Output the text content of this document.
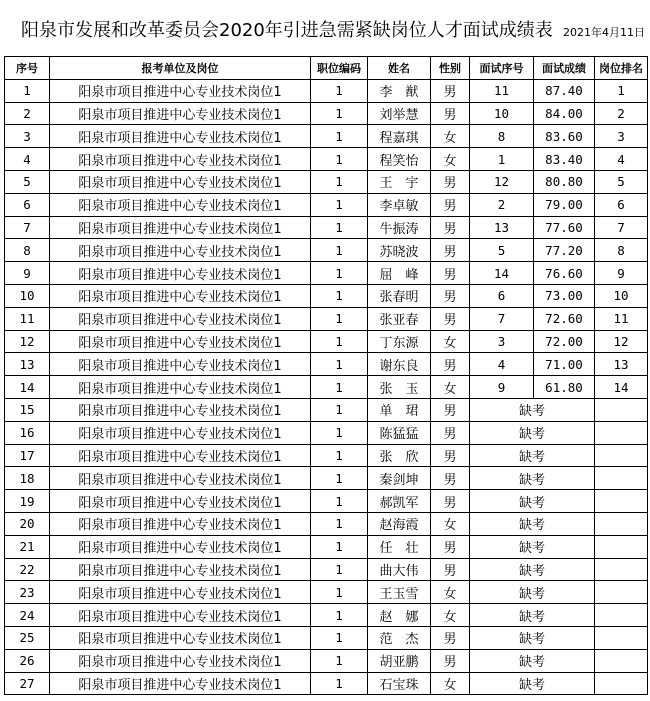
阳泉市发展和改革委员会2020年引进急需紧缺岗位人才面试成绩表 2021年4月11日
序号	报考单位及岗位	职位编码	姓名	性别	面试序号	面试成绩	岗位排名
1	阳泉市项目推进中心专业技术岗位1	1	李　猷	男	11	87.40	1
2	阳泉市项目推进中心专业技术岗位1	1	刘举慧	男	10	84.00	2
3	阳泉市项目推进中心专业技术岗位1	1	程嘉琪	女	8	83.60	3
4	阳泉市项目推进中心专业技术岗位1	1	程笑怡	女	1	83.40	4
5	阳泉市项目推进中心专业技术岗位1	1	王　宇	男	12	80.80	5
6	阳泉市项目推进中心专业技术岗位1	1	李卓敏	男	2	79.00	6
7	阳泉市项目推进中心专业技术岗位1	1	牛振涛	男	13	77.60	7
8	阳泉市项目推进中心专业技术岗位1	1	苏晓波	男	5	77.20	8
9	阳泉市项目推进中心专业技术岗位1	1	屈　峰	男	14	76.60	9
10	阳泉市项目推进中心专业技术岗位1	1	张春明	男	6	73.00	10
11	阳泉市项目推进中心专业技术岗位1	1	张亚春	男	7	72.60	11
12	阳泉市项目推进中心专业技术岗位1	1	丁东源	女	3	72.00	12
13	阳泉市项目推进中心专业技术岗位1	1	谢东良	男	4	71.00	13
14	阳泉市项目推进中心专业技术岗位1	1	张　玉	女	9	61.80	14
15	阳泉市项目推进中心专业技术岗位1	1	单　珺	男	缺考		
16	阳泉市项目推进中心专业技术岗位1	1	陈猛猛	男	缺考		
17	阳泉市项目推进中心专业技术岗位1	1	张　欣	男	缺考		
18	阳泉市项目推进中心专业技术岗位1	1	秦剑坤	男	缺考		
19	阳泉市项目推进中心专业技术岗位1	1	郝凯军	男	缺考		
20	阳泉市项目推进中心专业技术岗位1	1	赵海霞	女	缺考		
21	阳泉市项目推进中心专业技术岗位1	1	任　壮	男	缺考		
22	阳泉市项目推进中心专业技术岗位1	1	曲大伟	男	缺考		
23	阳泉市项目推进中心专业技术岗位1	1	王玉雪	女	缺考		
24	阳泉市项目推进中心专业技术岗位1	1	赵　娜	女	缺考		
25	阳泉市项目推进中心专业技术岗位1	1	范　杰	男	缺考		
26	阳泉市项目推进中心专业技术岗位1	1	胡亚鹏	男	缺考		
27	阳泉市项目推进中心专业技术岗位1	1	石宝珠	女	缺考		
